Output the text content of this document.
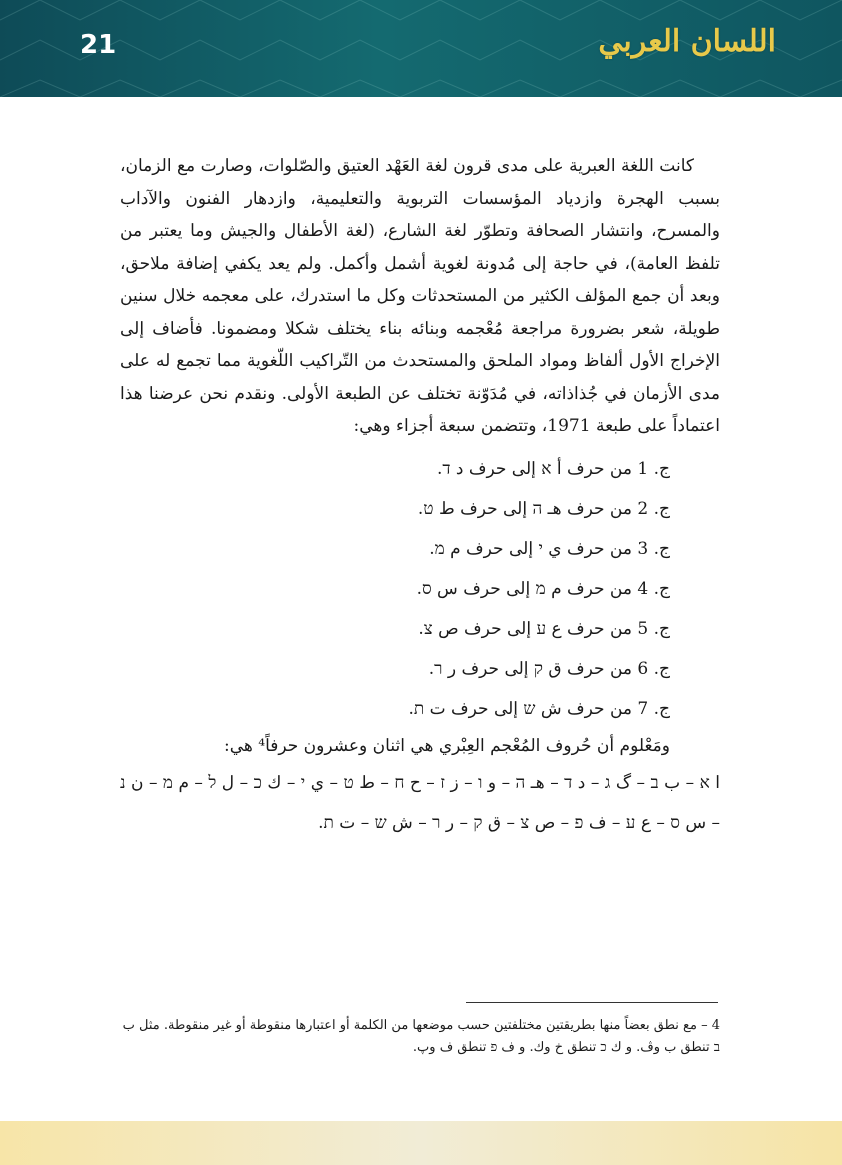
21	اللسان العربي

كانت اللغة العبرية على مدى قرون لغة العَهْد العتيق والصّلوات، وصارت مع الزمان، بسبب الهجرة وازدياد المؤسسات التربوية والتعليمية، وازدهار الفنون والآداب والمسرح، وانتشار الصحافة وتطوّر لغة الشارع، (لغة الأطفال والجيش وما يعتبر من تلفظ العامة)، في حاجة إلى مُدونة لغوية أشمل وأكمل. ولم يعد يكفي إضافة ملاحق، وبعد أن جمع المؤلف الكثير من المستحدثات وكل ما استدرك، على معجمه خلال سنين طويلة، شعر بضرورة مراجعة مُعْجمه وبنائه بناء يختلف شكلا ومضمونا. فأضاف إلى الإخراج الأول ألفاظ ومواد الملحق والمستحدث من التّراكيب اللّغوية مما تجمع له على مدى الأزمان في جُذاذاته، في مُدَوّنة تختلف عن الطبعة الأولى. ونقدم نحن عرضنا هذا اعتماداً على طبعة 1971، وتتضمن سبعة أجزاء وهي:

ج. 1 من حرف أ א إلى حرف د ד.
ج. 2 من حرف هـ ה إلى حرف ط ט.
ج. 3 من حرف ي י إلى حرف م מ.
ج. 4 من حرف م מ إلى حرف س ס.
ج. 5 من حرف ع ע إلى حرف ص צ.
ج. 6 من حرف ق ק إلى حرف ر ר.
ج. 7 من حرف ش ש إلى حرف ت ת.

ومَعْلوم أن حُروف المُعْجم العِبْري هي اثنان وعشرون حرفاً⁴ هي:

ا א – ب ב – گ ג – د ד – هـ ה – و ו – ز ז – ح ח – ط ט – ي י – ك כ – ل ל – م מ – ن נ – س ס – ع ע – ف פ – ص צ – ق ק – ر ר – ش ש – ت ת.

4 – مع نطق بعضاً منها بطريقتين مختلفتين حسب موضعها من الكلمة أو اعتبارها منقوطة أو غير منقوطة. مثل ب ב تنطق ب وڤ. و ك כ تنطق خ وك. و ف פ تنطق ف وپ.
